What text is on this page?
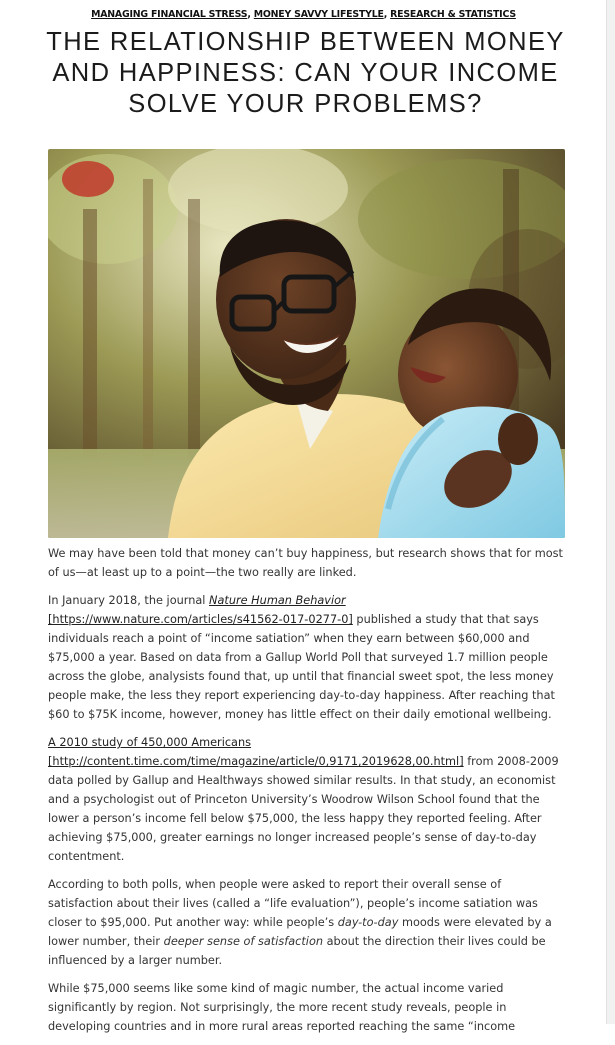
MANAGING FINANCIAL STRESS, MONEY SAVVY LIFESTYLE, RESEARCH & STATISTICS
THE RELATIONSHIP BETWEEN MONEY AND HAPPINESS: CAN YOUR INCOME SOLVE YOUR PROBLEMS?

We may have been told that money can’t buy happiness, but research shows that for most of us—at least up to a point—the two really are linked.

In January 2018, the journal Nature Human Behavior
[https://www.nature.com/articles/s41562-017-0277-0] published a study that that says individuals reach a point of “income satiation” when they earn between $60,000 and $75,000 a year. Based on data from a Gallup World Poll that surveyed 1.7 million people across the globe, analysists found that, up until that financial sweet spot, the less money people make, the less they report experiencing day-to-day happiness. After reaching that $60 to $75K income, however, money has little effect on their daily emotional wellbeing.

A 2010 study of 450,000 Americans
[http://content.time.com/time/magazine/article/0,9171,2019628,00.html] from 2008-2009 data polled by Gallup and Healthways showed similar results. In that study, an economist and a psychologist out of Princeton University’s Woodrow Wilson School found that the lower a person’s income fell below $75,000, the less happy they reported feeling. After achieving $75,000, greater earnings no longer increased people’s sense of day-to-day contentment.

According to both polls, when people were asked to report their overall sense of satisfaction about their lives (called a “life evaluation”), people’s income satiation was closer to $95,000. Put another way: while people’s day-to-day moods were elevated by a lower number, their deeper sense of satisfaction about the direction their lives could be influenced by a larger number.

While $75,000 seems like some kind of magic number, the actual income varied significantly by region. Not surprisingly, the more recent study reveals, people in developing countries and in more rural areas reported reaching the same “income
